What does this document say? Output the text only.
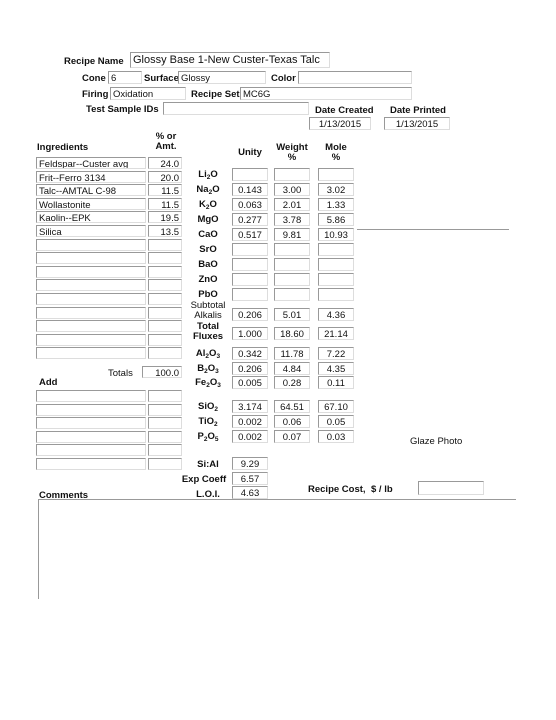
Recipe Name Glossy Base 1-New Custer-Texas Talc
Cone 6	Surface Glossy	Color
Firing Oxidation	Recipe Set MC6G
Test Sample IDs	Date Created
1/13/2015
Date Printed
1/13/2015
Ingredients
% or
Amt.
Unity	Weight
%
Mole
%
Feldspar--Custer avg	24.0
Frit--Ferro 3134	20.0
Talc--AMTAL C-98	11.5
Wollastonite	11.5
Kaolin--EPK	19.5
Silica	13.5
Totals	100.0
Add
$Li_2O$
$Na_2O$	0.143	3.00	3.02
$K_2O$	0.063	2.01	1.33
MgO	0.277	3.78	5.86
CaO	0.517	9.81	10.93
SrO
BaO
ZnO
PbO
$Al_2O_3$	0.342	11.78	7.22
$B_2O_3$	0.206	4.84	4.35
$Fe_2O_3$	0.005	0.28	0.11
SiO$_2$	3.174	64.51	67.10
TiO$_2$	0.002	0.06	0.05
$P_2O_5$	0.002	0.07	0.03
Subtotal
Alkalis	0.206	5.01	4.36
Total
Fluxes	1.000	18.60	21.14
Si:Al	9.29
Exp Coeff	6.57
L.O.I.	4.63
Glaze Photo
Recipe Cost, $ / lb
Comments
